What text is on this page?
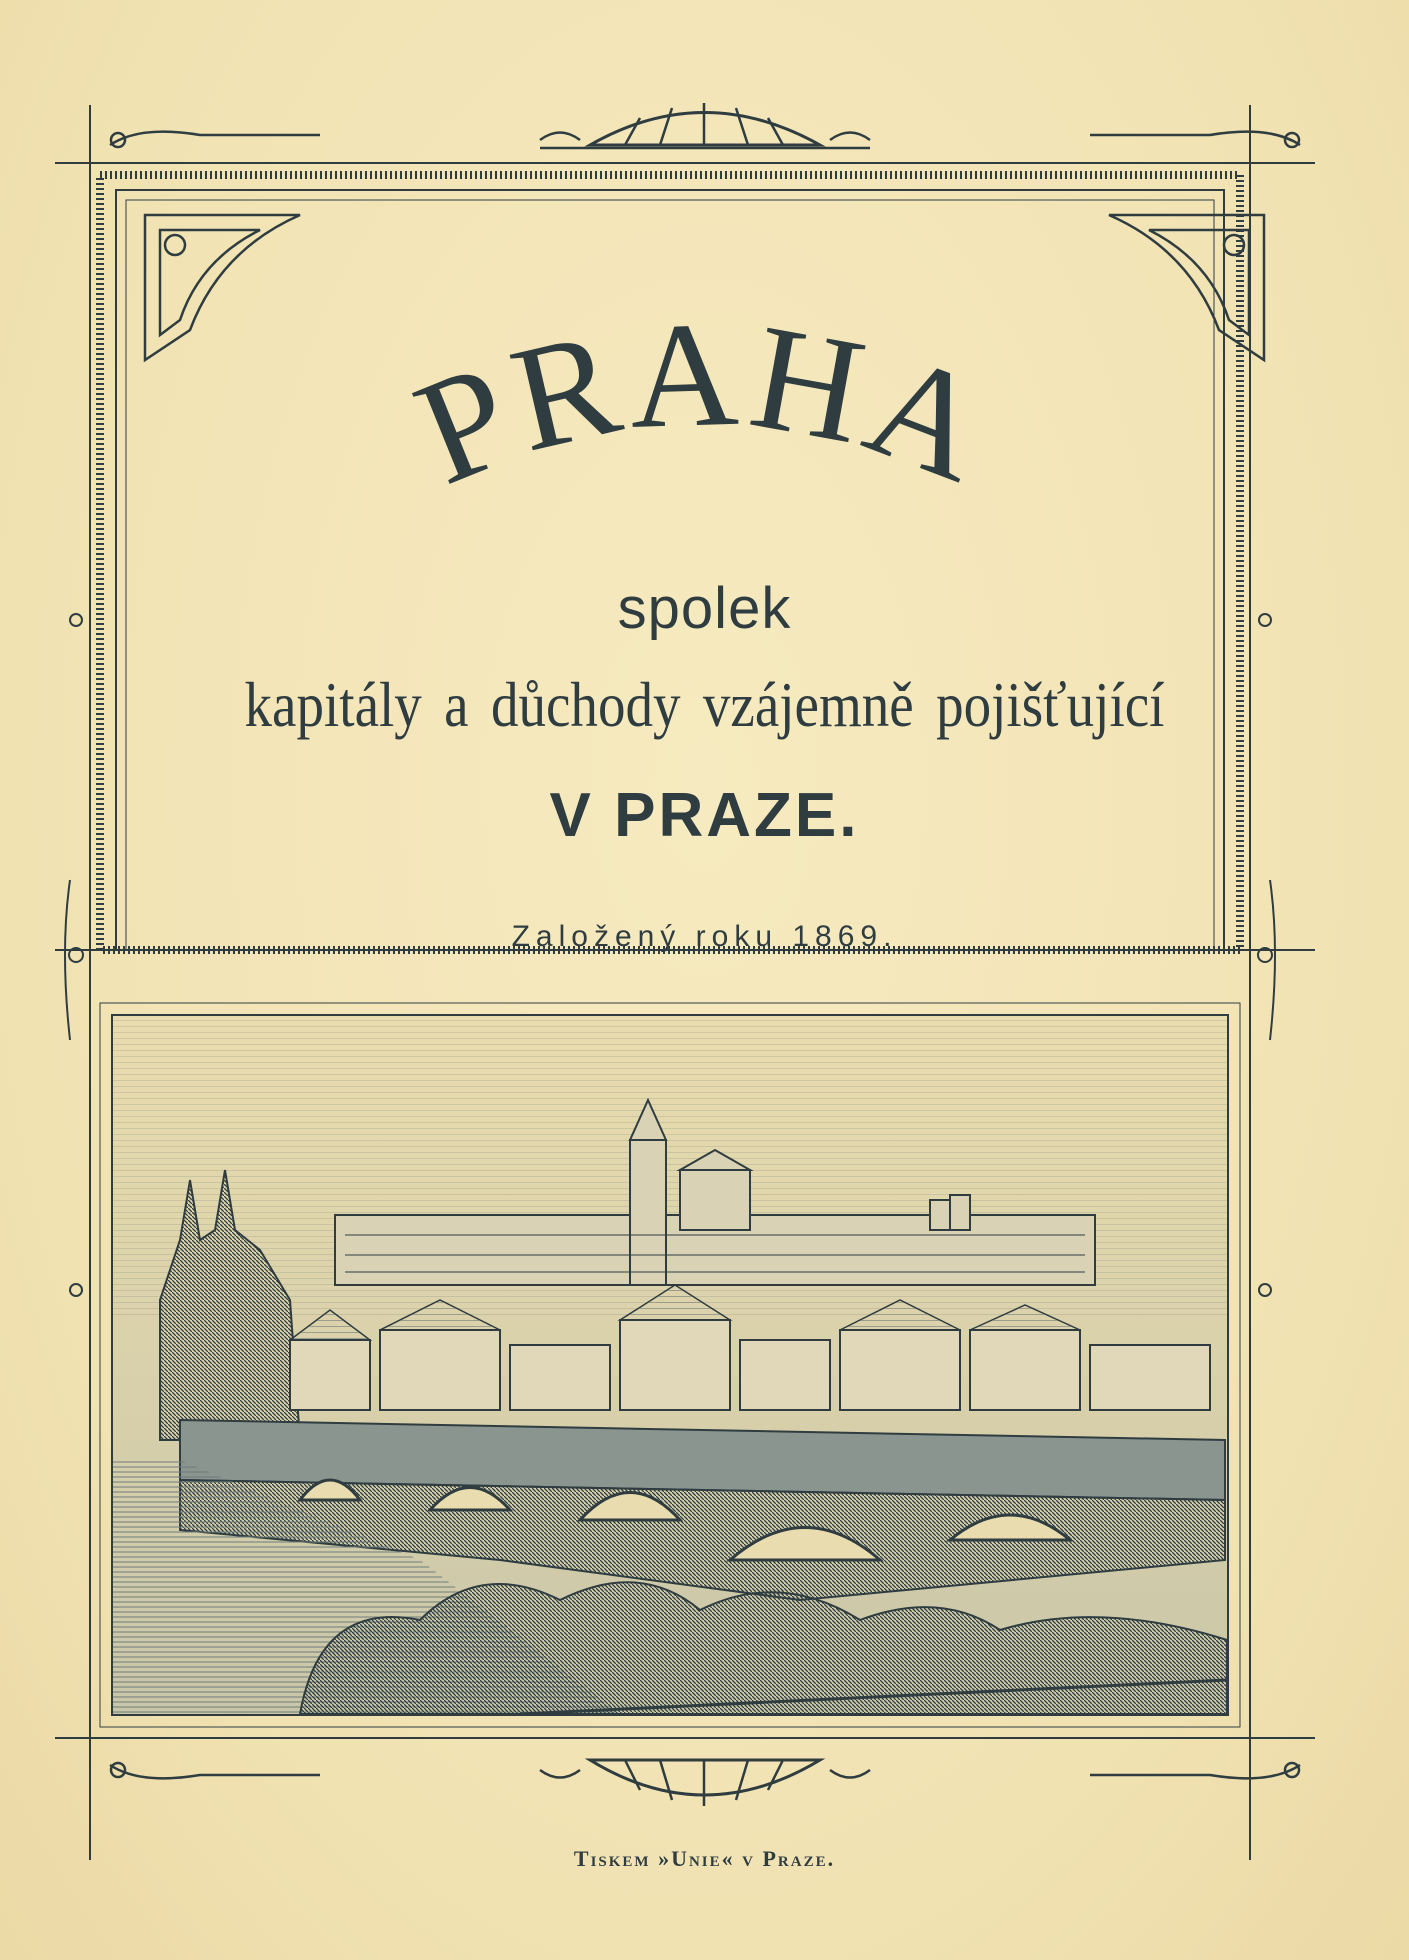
PRAHA
spolek
kapitály a důchody vzájemně pojišťující
V PRAZE.
Založený roku 1869.
Tiskem »Unie« v Praze.
